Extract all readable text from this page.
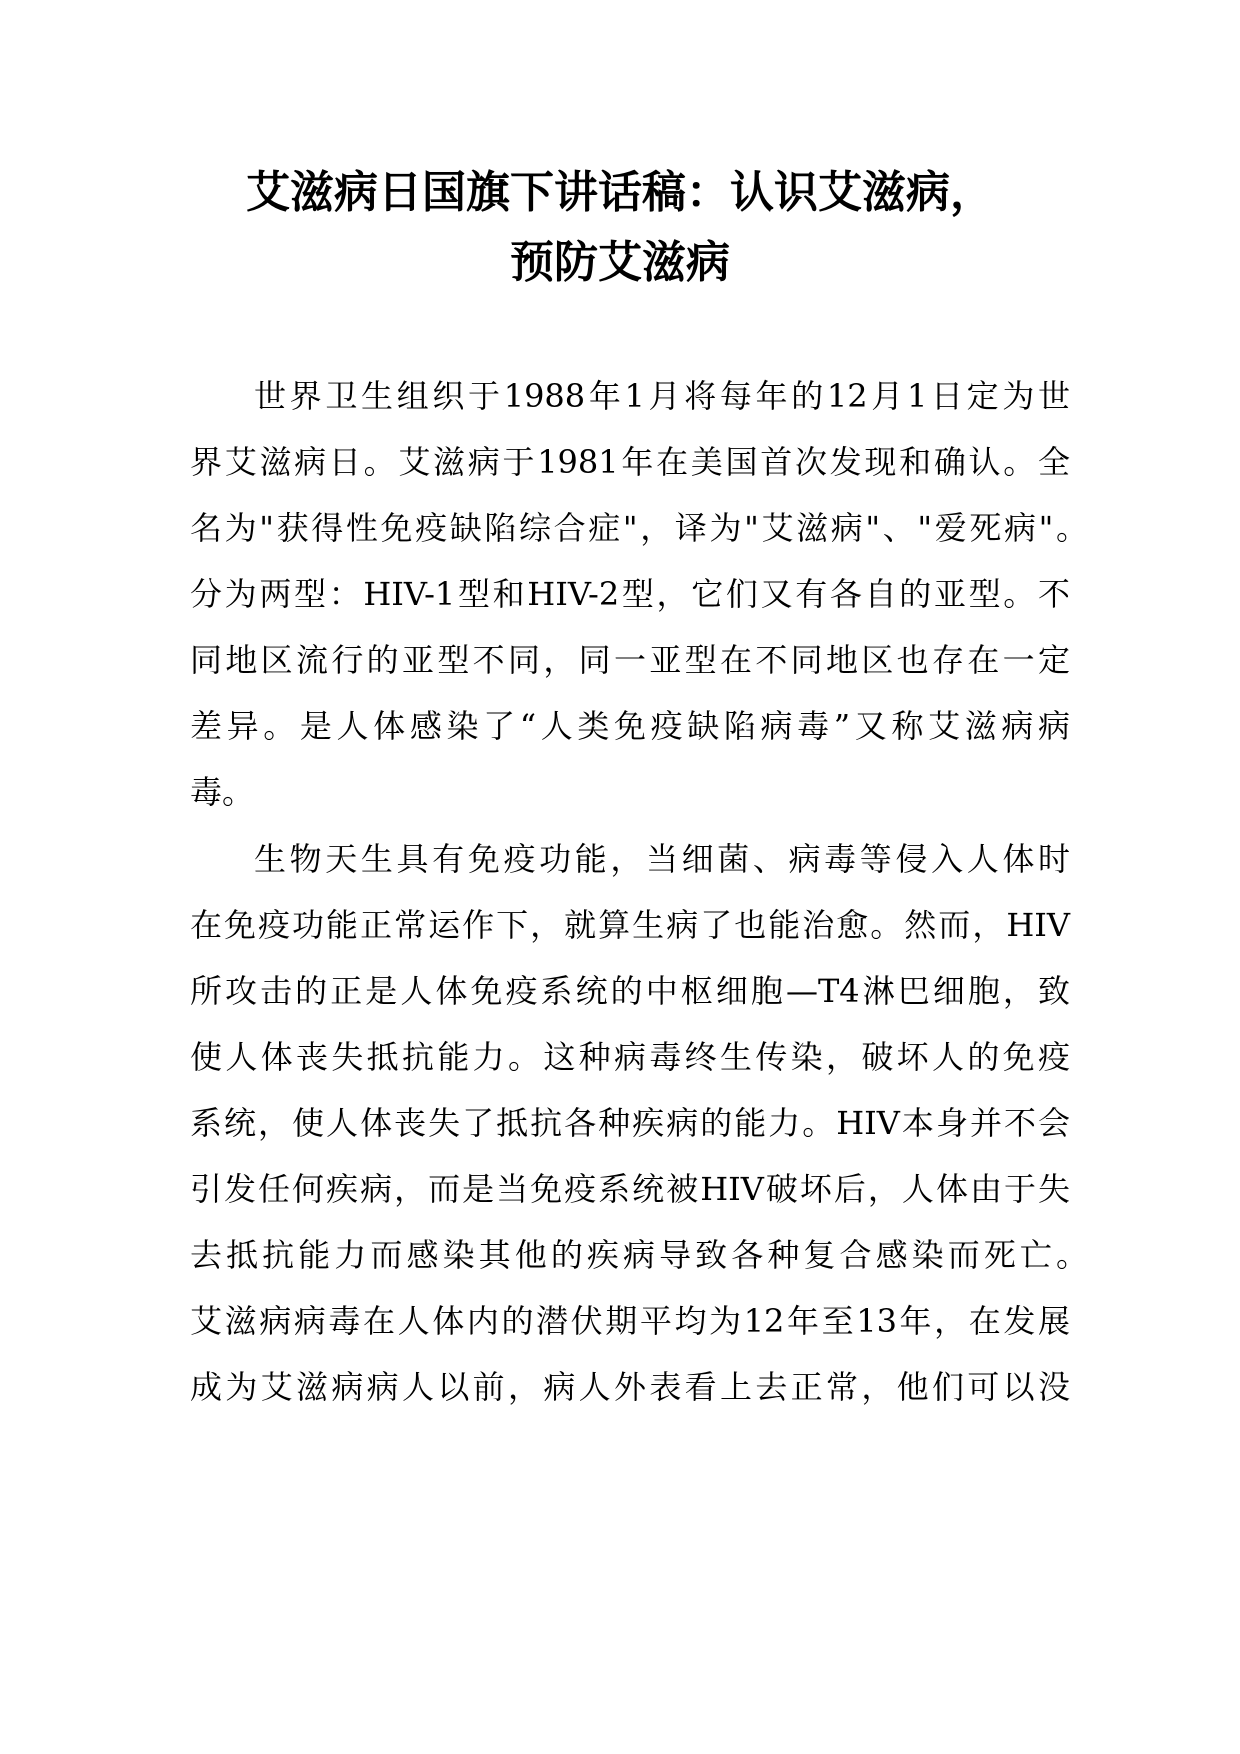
艾滋病日国旗下讲话稿：认识艾滋病，
预防艾滋病
世界卫生组织于1988年1月将每年的12月1日定为世
界艾滋病日。艾滋病于1981年在美国首次发现和确认。全
名为"获得性免疫缺陷综合症"，译为"艾滋病"、"爱死病"。
分为两型：HIV-1型和HIV-2型，它们又有各自的亚型。不
同地区流行的亚型不同，同一亚型在不同地区也存在一定
差异。是人体感染了“人类免疫缺陷病毒”又称艾滋病病
毒。
生物天生具有免疫功能，当细菌、病毒等侵入人体时
在免疫功能正常运作下，就算生病了也能治愈。然而，HIV
所攻击的正是人体免疫系统的中枢细胞—T4淋巴细胞，致
使人体丧失抵抗能力。这种病毒终生传染，破坏人的免疫
系统，使人体丧失了抵抗各种疾病的能力。HIV本身并不会
引发任何疾病，而是当免疫系统被HIV破坏后，人体由于失
去抵抗能力而感染其他的疾病导致各种复合感染而死亡。
艾滋病病毒在人体内的潜伏期平均为12年至13年，在发展
成为艾滋病病人以前，病人外表看上去正常，他们可以没
